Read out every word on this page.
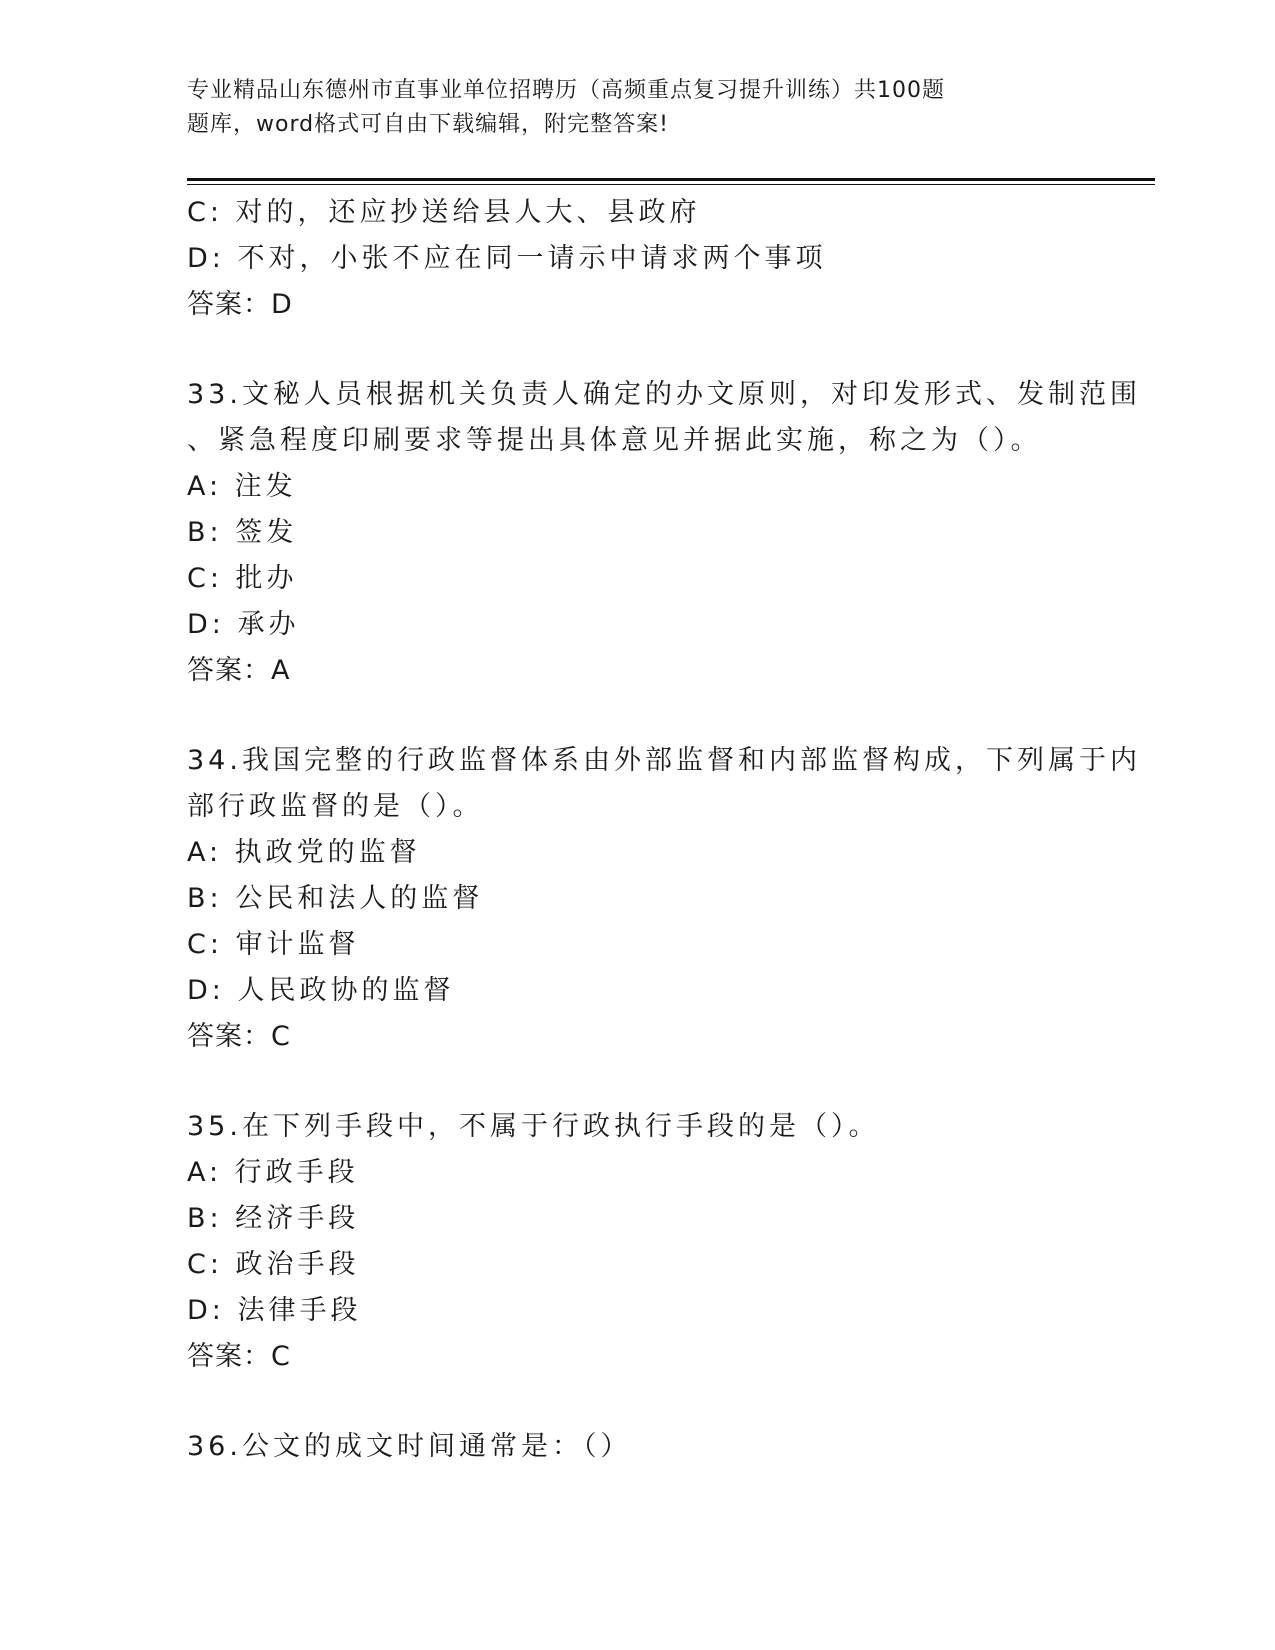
专业精品山东德州市直事业单位招聘历（高频重点复习提升训练）共100题
题库，word格式可自由下载编辑，附完整答案!
C: 对的，还应抄送给县人大、县政府
D: 不对，小张不应在同一请示中请求两个事项
答案：D
33.文秘人员根据机关负责人确定的办文原则，对印发形式、发制范围
、紧急程度印刷要求等提出具体意见并据此实施，称之为（）。
A: 注发
B: 签发
C: 批办
D: 承办
答案：A
34.我国完整的行政监督体系由外部监督和内部监督构成，下列属于内
部行政监督的是（）。
A: 执政党的监督
B: 公民和法人的监督
C: 审计监督
D: 人民政协的监督
答案：C
35.在下列手段中，不属于行政执行手段的是（）。
A: 行政手段
B: 经济手段
C: 政治手段
D: 法律手段
答案：C
36.公文的成文时间通常是：（）
